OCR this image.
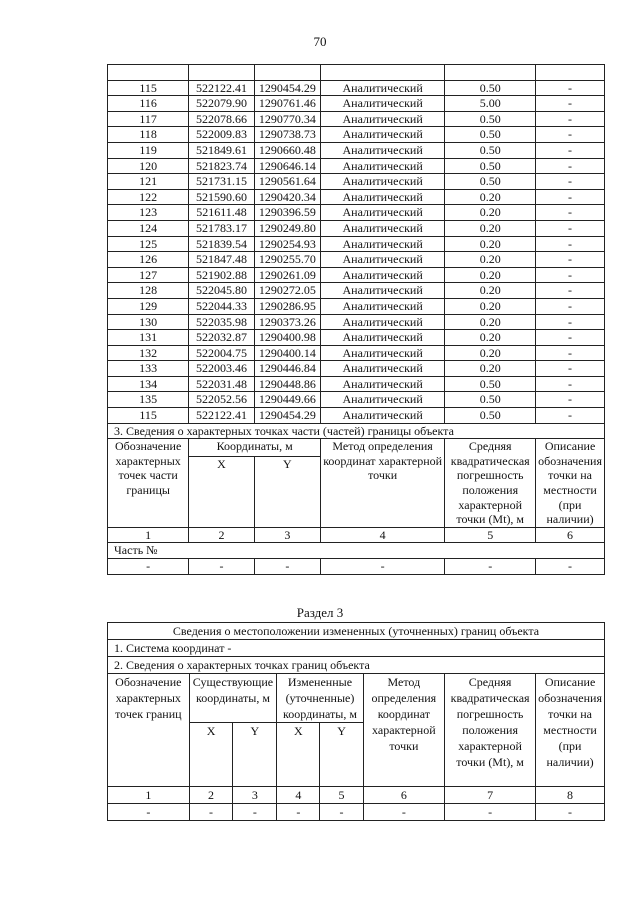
70

115	522122.41	1290454.29	Аналитический	0.50	-
116	522079.90	1290761.46	Аналитический	5.00	-
117	522078.66	1290770.34	Аналитический	0.50	-
118	522009.83	1290738.73	Аналитический	0.50	-
119	521849.61	1290660.48	Аналитический	0.50	-
120	521823.74	1290646.14	Аналитический	0.50	-
121	521731.15	1290561.64	Аналитический	0.50	-
122	521590.60	1290420.34	Аналитический	0.20	-
123	521611.48	1290396.59	Аналитический	0.20	-
124	521783.17	1290249.80	Аналитический	0.20	-
125	521839.54	1290254.93	Аналитический	0.20	-
126	521847.48	1290255.70	Аналитический	0.20	-
127	521902.88	1290261.09	Аналитический	0.20	-
128	522045.80	1290272.05	Аналитический	0.20	-
129	522044.33	1290286.95	Аналитический	0.20	-
130	522035.98	1290373.26	Аналитический	0.20	-
131	522032.87	1290400.98	Аналитический	0.20	-
132	522004.75	1290400.14	Аналитический	0.20	-
133	522003.46	1290446.84	Аналитический	0.20	-
134	522031.48	1290448.86	Аналитический	0.50	-
135	522052.56	1290449.66	Аналитический	0.50	-
115	522122.41	1290454.29	Аналитический	0.50	-
3. Сведения о характерных точках части (частей) границы объекта					
Обозначение характерных точек части границы	Координаты, м		Метод определения координат характерной точки	Средняя квадратическая погрешность положения характерной точки (Mt), м	Описание обозначения точки на местности (при наличии)
	X	Y			
1	2	3	4	5	6
Часть №					
-	-	-	-	-	-
Раздел 3
Сведения о местоположении измененных (уточненных) границ объекта							
1. Система координат -							
2. Сведения о характерных точках границ объекта							
Обозначение характерных точек границ	Существующие координаты, м		Измененные (уточненные) координаты, м		Метод определения координат характерной точки	Средняя квадратическая погрешность положения характерной точки (Mt), м	Описание обозначения точки на местности (при наличии)
	X	Y	X	Y			
1	2	3	4	5	6	7	8
-	-	-	-	-	-	-	-
